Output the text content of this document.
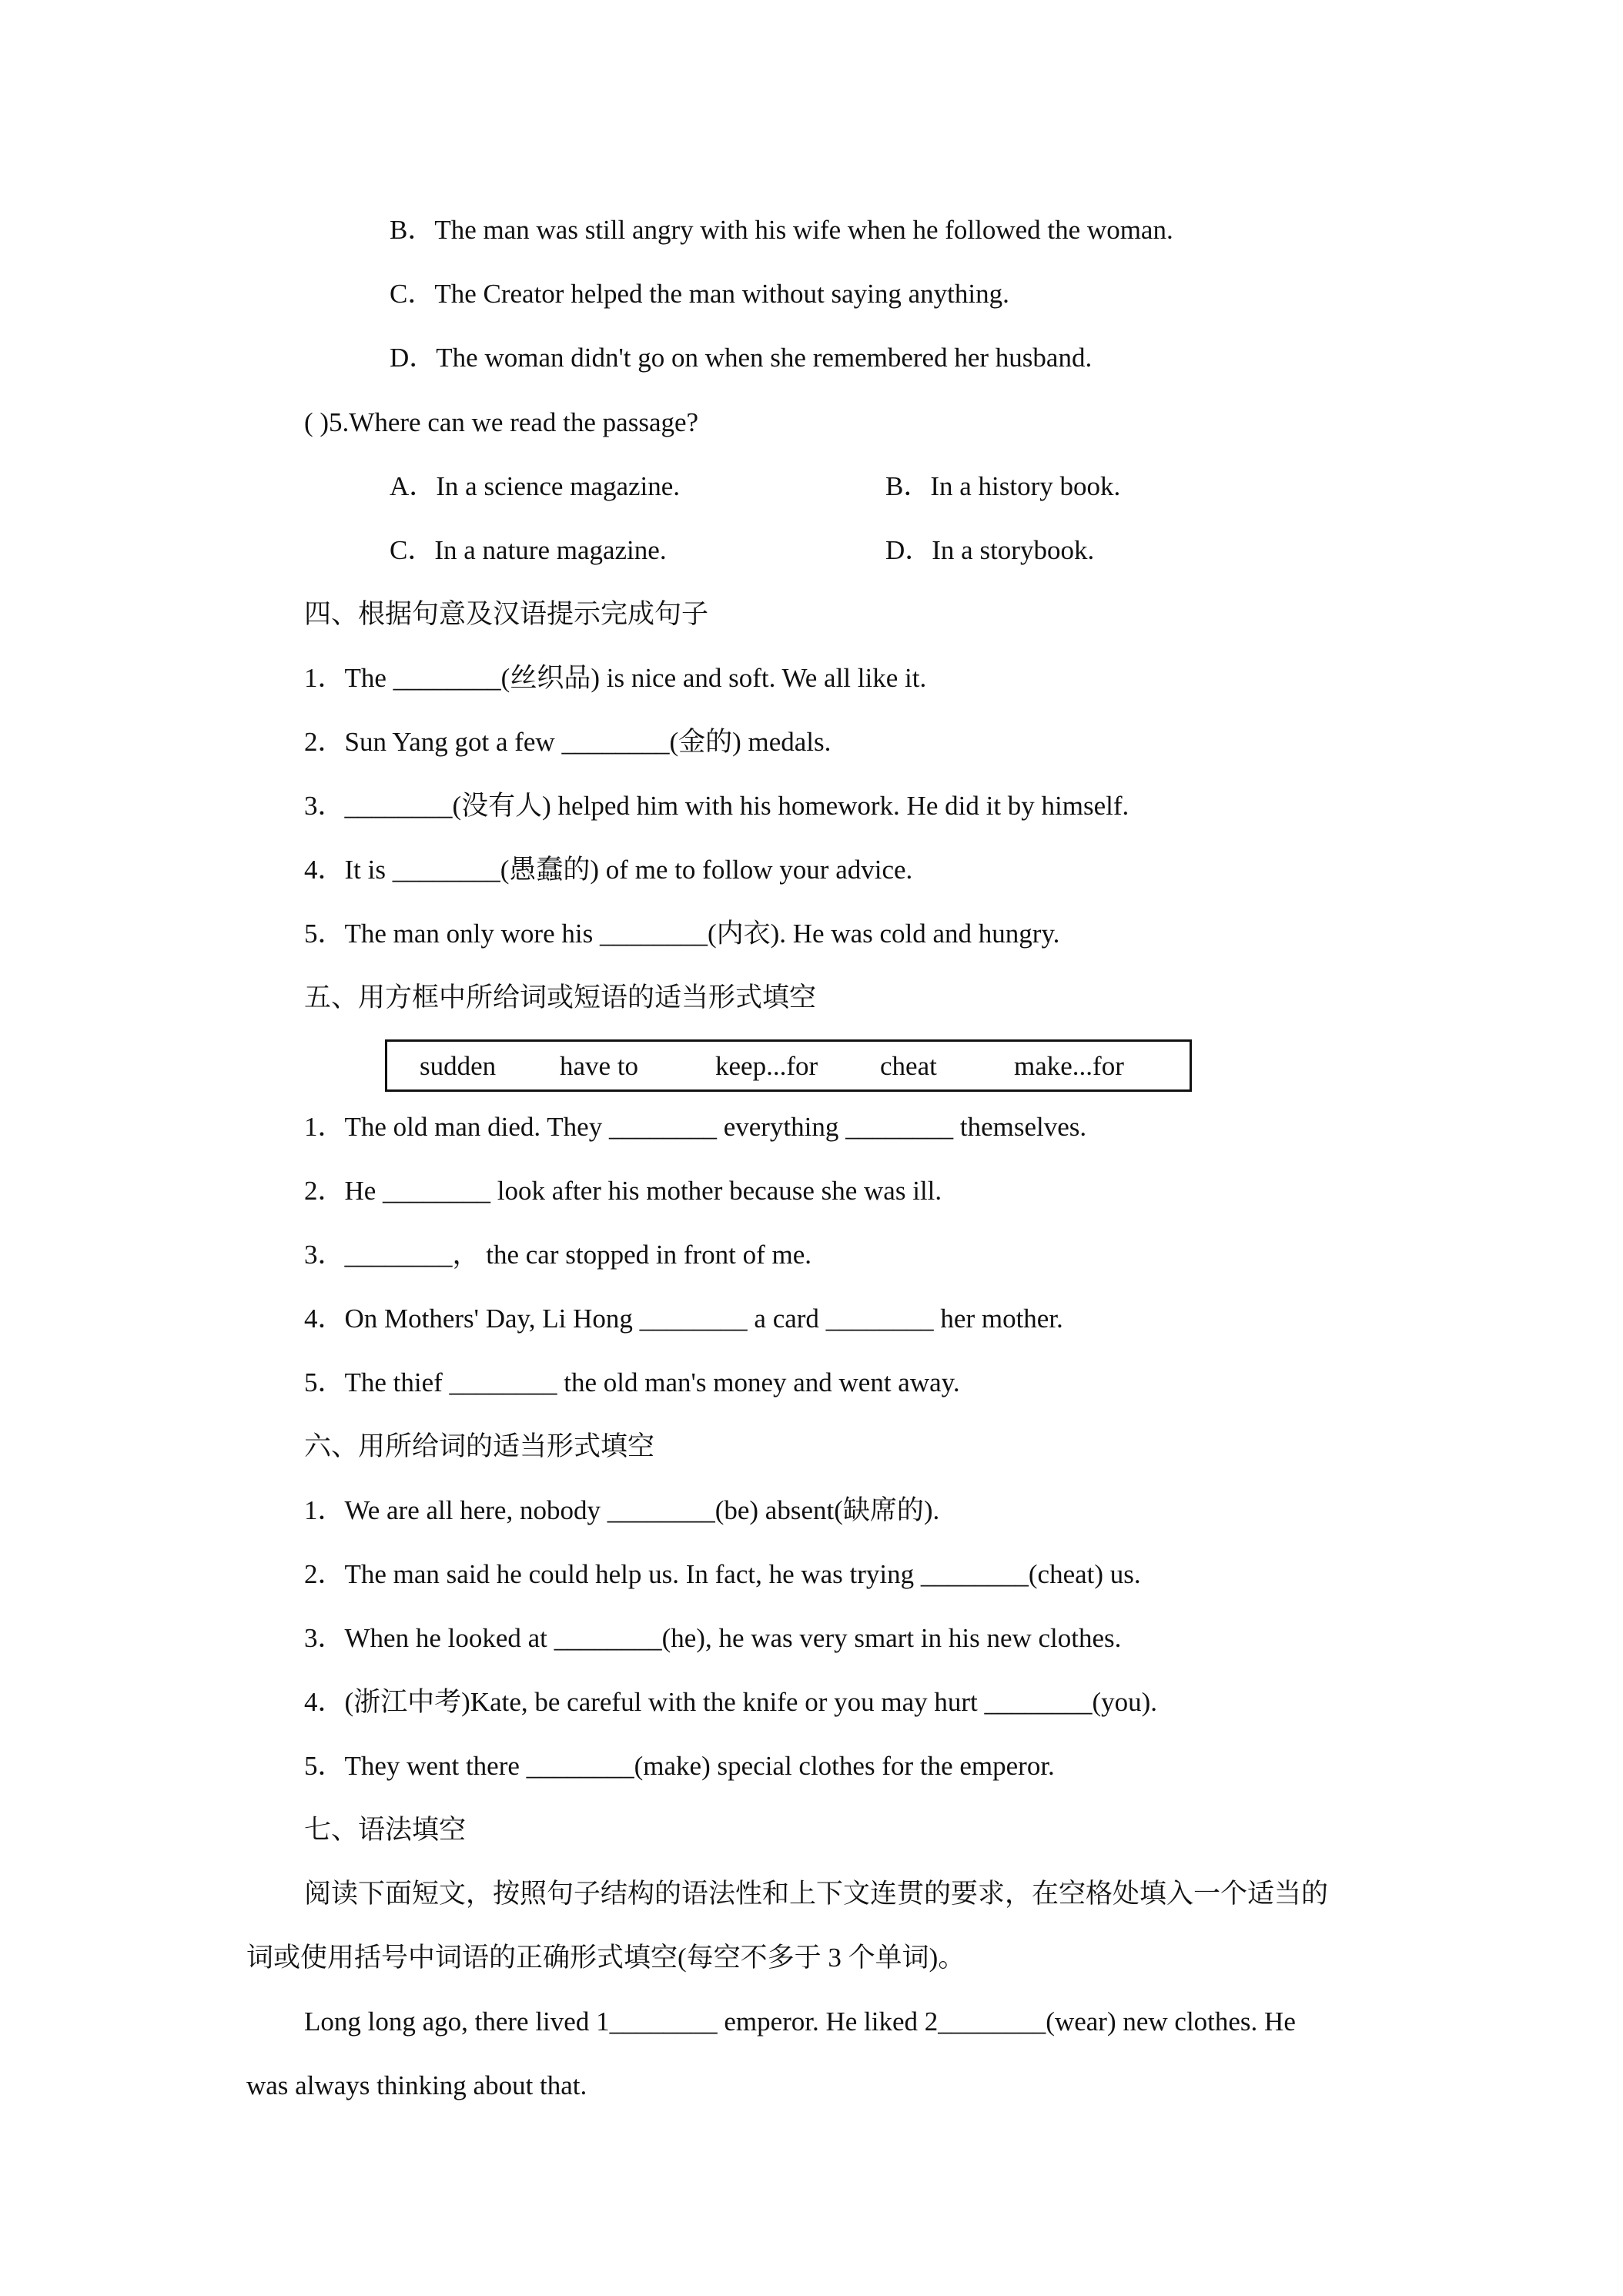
B．The man was still angry with his wife when he followed the woman.
C．The Creator helped the man without saying anything.
D．The woman didn't go on when she remembered her husband.
( )5.Where can we read the passage?
A．In a science magazine.	B．In a history book.
C．In a nature magazine.	D．In a storybook.
四、根据句意及汉语提示完成句子
1．The ________(丝织品) is nice and soft. We all like it.
2．Sun Yang got a few ________(金的) medals.
3．________(没有人) helped him with his homework. He did it by himself.
4．It is ________(愚蠢的) of me to follow your advice.
5．The man only wore his ________(内衣). He was cold and hungry.
五、用方框中所给词或短语的适当形式填空
sudden have to	keep...for cheat	make...for
1．The old man died. They ________ everything ________ themselves.
2．He ________ look after his mother because she was ill.
3．________， the car stopped in front of me.
4．On Mothers' Day, Li Hong ________ a card ________ her mother.
5．The thief ________ the old man's money and went away.
六、用所给词的适当形式填空
1．We are all here, nobody ________(be) absent(缺席的).
2．The man said he could help us. In fact, he was trying ________(cheat) us.
3．When he looked at ________(he), he was very smart in his new clothes.
4．(浙江中考)Kate, be careful with the knife or you may hurt ________(you).
5．They went there ________(make) special clothes for the emperor.
七、语法填空
阅读下面短文，按照句子结构的语法性和上下文连贯的要求，在空格处填入一个适当的
词或使用括号中词语的正确形式填空(每空不多于 3 个单词)。
Long long ago, there lived 1________ emperor. He liked 2________(wear) new clothes. He
was always thinking about that.
